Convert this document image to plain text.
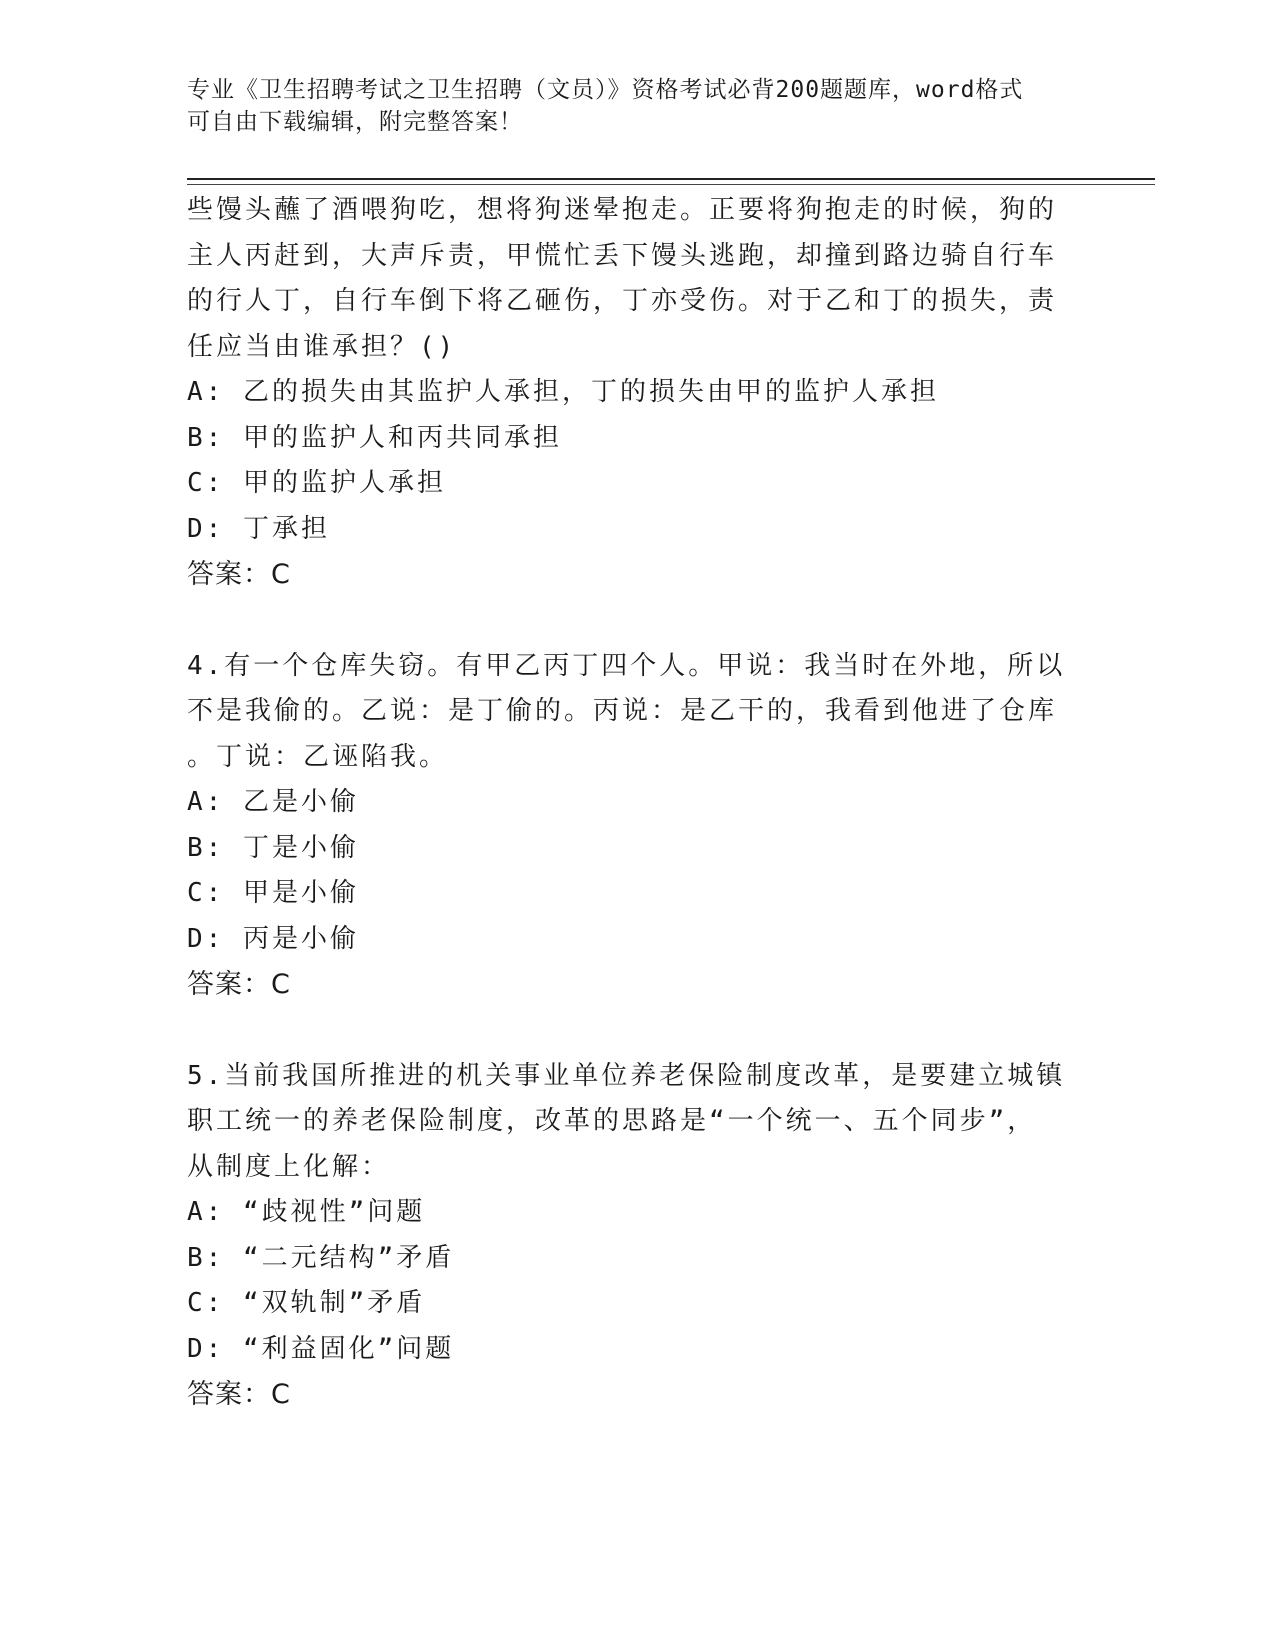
专业《卫生招聘考试之卫生招聘（文员）》资格考试必背200题题库，word格式
可自由下载编辑，附完整答案！
些馒头蘸了酒喂狗吃，想将狗迷晕抱走。正要将狗抱走的时候，狗的
主人丙赶到，大声斥责，甲慌忙丢下馒头逃跑，却撞到路边骑自行车
的行人丁，自行车倒下将乙砸伤，丁亦受伤。对于乙和丁的损失，责
任应当由谁承担？()
A: 乙的损失由其监护人承担，丁的损失由甲的监护人承担
B: 甲的监护人和丙共同承担
C: 甲的监护人承担
D: 丁承担
答案：C
4.有一个仓库失窃。有甲乙丙丁四个人。甲说：我当时在外地，所以
不是我偷的。乙说：是丁偷的。丙说：是乙干的，我看到他进了仓库
。丁说：乙诬陷我。
A: 乙是小偷
B: 丁是小偷
C: 甲是小偷
D: 丙是小偷
答案：C
5.当前我国所推进的机关事业单位养老保险制度改革，是要建立城镇
职工统一的养老保险制度，改革的思路是“一个统一、五个同步”，
从制度上化解：
A: “歧视性”问题
B: “二元结构”矛盾
C: “双轨制”矛盾
D: “利益固化”问题
答案：C
